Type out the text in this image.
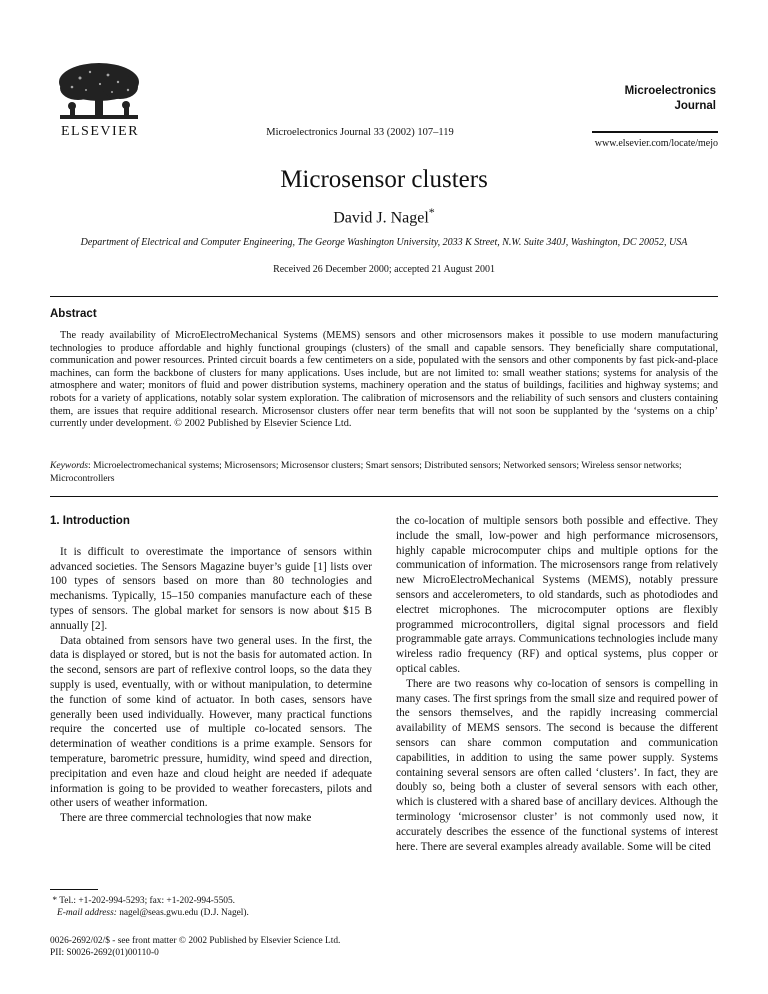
ELSEVIER	Microelectronics Journal 33 (2002) 107–119
Microelectronics
Journal
www.elsevier.com/locate/mejo
Microsensor clusters
David J. Nagel*
Department of Electrical and Computer Engineering, The George Washington University, 2033 K Street, N.W. Suite 340J, Washington, DC 20052, USA
Received 26 December 2000; accepted 21 August 2001
Abstract
The ready availability of MicroElectroMechanical Systems (MEMS) sensors and other microsensors makes it possible to use modern manufacturing technologies to produce affordable and highly functional groupings (clusters) of the small and capable sensors. They beneficially share computational, communication and power resources. Printed circuit boards a few centimeters on a side, populated with the sensors and other components by fast pick-and-place machines, can form the backbone of clusters for many applications. Uses include, but are not limited to: small weather stations; systems for analysis of the atmosphere and water; monitors of fluid and power distribution systems, machinery operation and the status of buildings, facilities and highway systems; and robots for a variety of applications, notably solar system exploration. The calibration of microsensors and the reliability of such sensors and clusters containing them, are issues that require additional research. Microsensor clusters offer near term benefits that will not soon be supplanted by the ‘systems on a chip’ currently under development. © 2002 Published by Elsevier Science Ltd.
Keywords: Microelectromechanical systems; Microsensors; Microsensor clusters; Smart sensors; Distributed sensors; Networked sensors; Wireless sensor networks; Microcontrollers
1. Introduction

It is difficult to overestimate the importance of sensors within advanced societies. The Sensors Magazine buyer’s guide [1] lists over 100 types of sensors based on more than 80 technologies and mechanisms. Typically, 15–150 companies manufacture each of these types of sensors. The global market for sensors is now about $15 B annually [2].

Data obtained from sensors have two general uses. In the first, the data is displayed or stored, but is not the basis for automated action. In the second, sensors are part of reflexive control loops, so the data they supply is used, eventually, with or without manipulation, to determine the function of some kind of actuator. In both cases, sensors have generally been used individually. However, many practical functions require the concerted use of multiple co-located sensors. The determination of weather conditions is a prime example. Sensors for temperature, barometric pressure, humidity, wind speed and direction, precipitation and even haze and cloud height are needed if adequate information is going to be provided to weather forecasters, pilots and other users of weather information.

There are three commercial technologies that now make

the co-location of multiple sensors both possible and effective. They include the small, low-power and high performance microsensors, highly capable microcomputer chips and multiple options for the communication of information. The microsensors range from relatively new MicroElectroMechanical Systems (MEMS), notably pressure sensors and accelerometers, to old standards, such as photodiodes and electret microphones. The microcomputer options are flexibly programmed microcontrollers, digital signal processors and field programmable gate arrays. Communications technologies include many wireless radio frequency (RF) and optical systems, plus copper or optical cables.

There are two reasons why co-location of sensors is compelling in many cases. The first springs from the small size and required power of the sensors themselves, and the rapidly increasing commercial availability of MEMS sensors. The second is because the different sensors can share common computation and communication capabilities, in addition to using the same power supply. Systems containing several sensors are often called ‘clusters’. In fact, they are doubly so, being both a cluster of several sensors with each other, which is clustered with a shared base of ancillary devices. Although the terminology ‘microsensor cluster’ is not commonly used now, it accurately describes the essence of the functional systems of interest here. There are several examples already available. Some will be cited

* Tel.: +1-202-994-5293; fax: +1-202-994-5505.
E-mail address: nagel@seas.gwu.edu (D.J. Nagel).
0026-2692/02/$ - see front matter © 2002 Published by Elsevier Science Ltd.
PII: S0026-2692(01)00110-0
